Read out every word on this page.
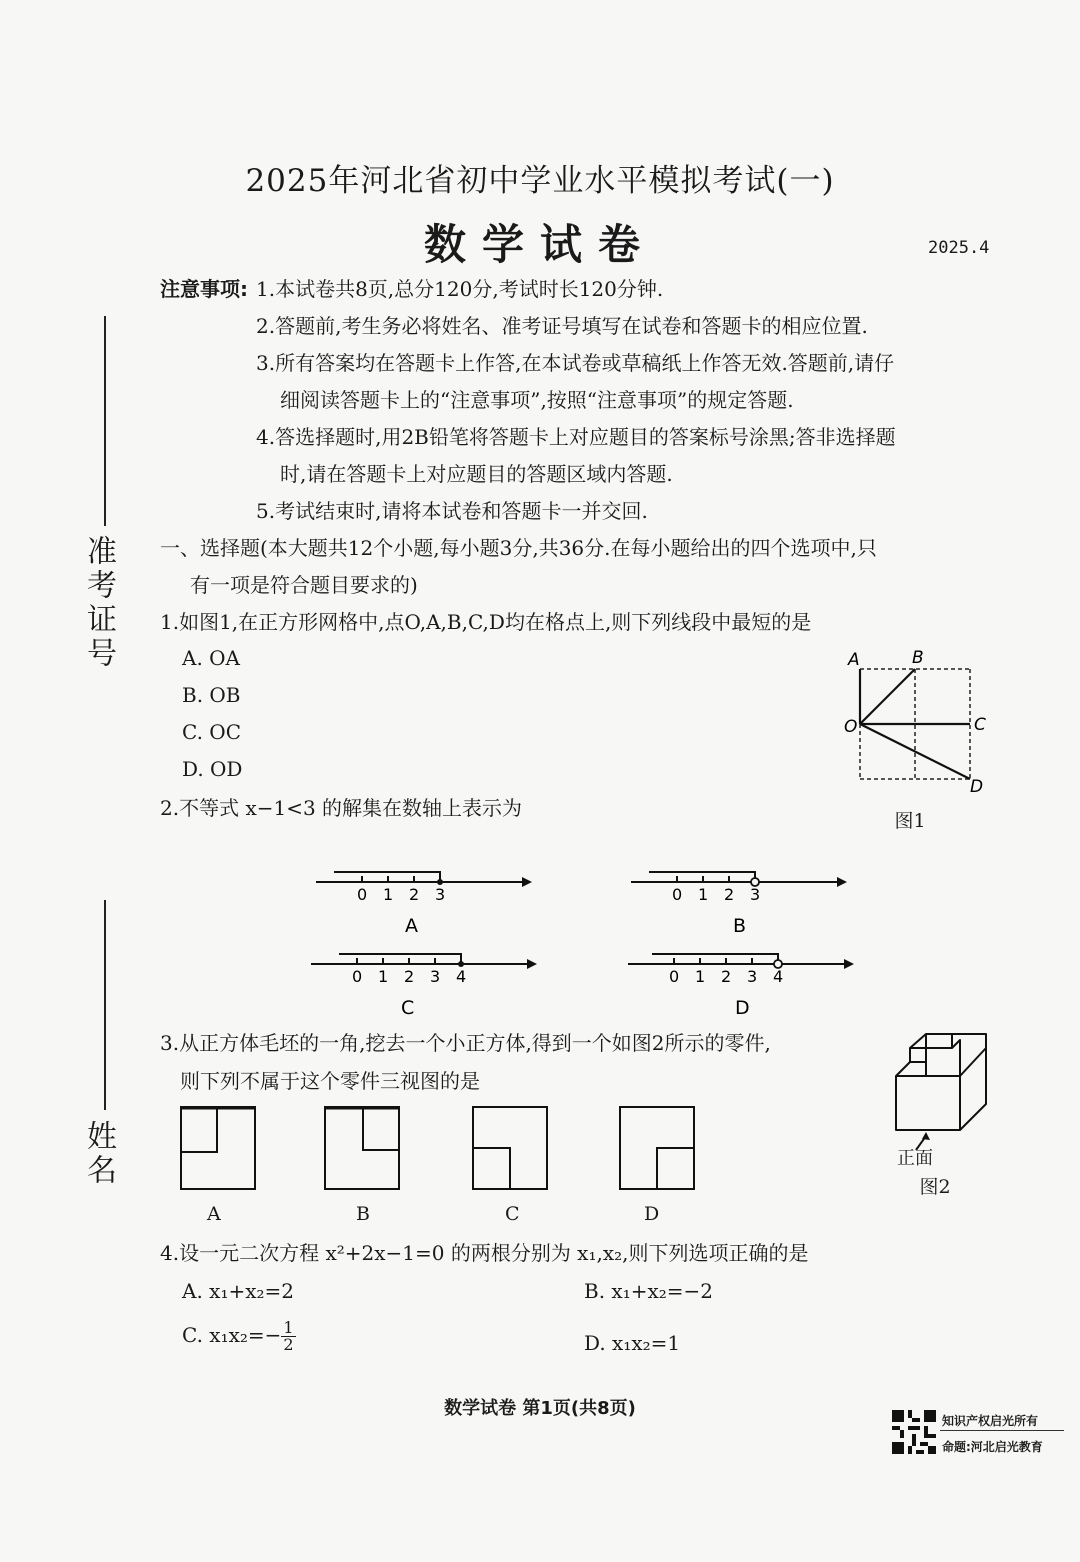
2025年河北省初中学业水平模拟考试(一)
数学试卷	2025.4
准考证号
姓名
注意事项: 1.本试卷共8页,总分120分,考试时长120分钟.
2.答题前,考生务必将姓名、准考证号填写在试卷和答题卡的相应位置.
3.所有答案均在答题卡上作答,在本试卷或草稿纸上作答无效.答题前,请仔
细阅读答题卡上的“注意事项”,按照“注意事项”的规定答题.
4.答选择题时,用2B铅笔将答题卡上对应题目的答案标号涂黑;答非选择题
时,请在答题卡上对应题目的答题区域内答题.
5.考试结束时,请将本试卷和答题卡一并交回.
一、选择题(本大题共12个小题,每小题3分,共36分.在每小题给出的四个选项中,只
有一项是符合题目要求的)
1.如图1,在正方形网格中,点O,A,B,C,D均在格点上,则下列线段中最短的是
A. OA
B. OB
C. OC
D. OD
A	B
C
O
D
图1
2.不等式 x−1<3 的解集在数轴上表示为
0 1 2 3
A
0 1 2 3
B
0 1 2 3 4
C
0 1 2 3 4
D
3.从正方体毛坯的一角,挖去一个小正方体,得到一个如图2所示的零件,
则下列不属于这个零件三视图的是
正面
图2
A	B	C	D
4.设一元二次方程 x²+2x−1=0 的两根分别为 x₁,x₂,则下列选项正确的是
A. x₁+x₂=2	B. x₁+x₂=−2
C. $x_1x_2=- \frac{1}{2}$	D. x₁x₂=1
数学试卷 第1页(共8页)
知识产权启光所有
命题:河北启光教育
